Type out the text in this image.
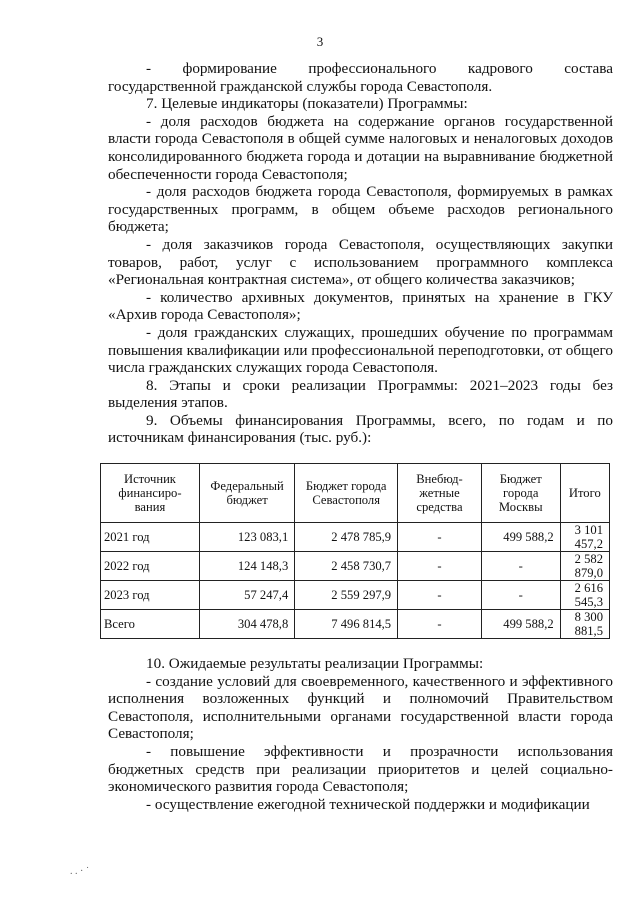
3

- формирование профессионального кадрового состава государственной гражданской службы города Севастополя.

7. Целевые индикаторы (показатели) Программы:

- доля расходов бюджета на содержание органов государственной власти города Севастополя в общей сумме налоговых и неналоговых доходов консолидированного бюджета города и дотации на выравнивание бюджетной обеспеченности города Севастополя;

- доля расходов бюджета города Севастополя, формируемых в рамках государственных программ, в общем объеме расходов регионального бюджета;

- доля заказчиков города Севастополя, осуществляющих закупки товаров, работ, услуг с использованием программного комплекса «Региональная контрактная система», от общего количества заказчиков;

- количество архивных документов, принятых на хранение в ГКУ «Архив города Севастополя»;

- доля гражданских служащих, прошедших обучение по программам повышения квалификации или профессиональной переподготовки, от общего числа гражданских служащих города Севастополя.

8. Этапы и сроки реализации Программы: 2021–2023 годы без выделения этапов.

9. Объемы финансирования Программы, всего, по годам и по источникам финансирования (тыс. руб.):

Источник финансиро-вания	Федеральный бюджет	Бюджет города Севастополя	Внебюд-жетные средства	Бюджет города Москвы	Итого
2021 год	123 083,1	2 478 785,9	-	499 588,2	3 101 457,2
2022 год	124 148,3	2 458 730,7	-	-	2 582 879,0
2023 год	57 247,4	2 559 297,9	-	-	2 616 545,3
Всего	304 478,8	7 496 814,5	-	499 588,2	8 300 881,5

10. Ожидаемые результаты реализации Программы:

- создание условий для своевременного, качественного и эффективного исполнения возложенных функций и полномочий Правительством Севастополя, исполнительными органами государственной власти города Севастополя;

- повышение эффективности и прозрачности использования бюджетных средств при реализации приоритетов и целей социально-экономического развития города Севастополя;

- осуществление ежегодной технической поддержки и модификации

. . · ˙
